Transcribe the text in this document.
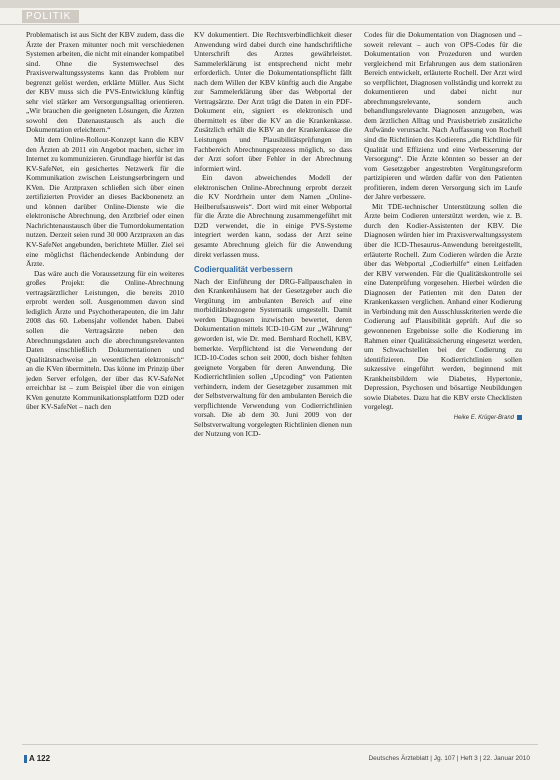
POLITIK

Problematisch ist aus Sicht der KBV zudem, dass die Ärzte der Praxen mitunter noch mit verschiedenen Systemen arbeiten, die nicht mit einander kompatibel sind. Ohne die Systemwechsel des Praxisverwaltungssystems kann das Problem nur begrenzt gelöst werden, erklärte Müller. Aus Sicht der KBV muss sich die PVS-Entwicklung künftig sehr viel stärker am Versorgungsalltag orientieren. „Wir brauchen die geeigneten Lösungen, die Ärzten sowohl den Datenaustausch als auch die Dokumentation erleichtern.“

Mit dem Online-Rollout-Konzept kann die KBV den Ärzten ab 2011 ein Angebot machen, sicher im Internet zu kommunizieren. Grundlage hierfür ist das KV-SafeNet, ein gesichertes Netzwerk für die Kommunikation zwischen Leistungserbringern und KVen. Die Arztpraxen schließen sich über einen zertifizierten Provider an dieses Backbonenetz an und können darüber Online-Dienste wie die elektronische Abrechnung, den Arztbrief oder einen Nachrichtenaustausch über die Tumordokumentation nutzen. Derzeit seien rund 30 000 Arztpraxen an das KV-SafeNet angebunden, berichtete Müller. Ziel sei eine möglichst flächendeckende Anbindung der Ärzte.

Das wäre auch die Voraussetzung für ein weiteres großes Projekt: die Online-Abrechnung vertragsärztlicher Leistungen, die bereits 2010 erprobt werden soll. Ausgenommen davon sind lediglich Ärzte und Psychotherapeuten, die im Jahr 2008 das 60. Lebensjahr vollendet haben. Dabei sollen die Vertragsärzte neben den Abrechnungsdaten auch die abrechnungsrelevanten Daten einschließlich Dokumentationen und Qualitätsnachweise „in wesentlichen elektronisch“ an die KVen übermitteln. Das könne im Prinzip über jeden Server erfolgen, der über das KV-SafeNet erreichbar ist – zum Beispiel über die von einigen KVen genutzte Kommunikationsplattform D2D oder über KV-SafeNet – nach den

KV dokumentiert. Die Rechtsverbindlichkeit dieser Anwendung wird dabei durch eine handschriftliche Unterschrift des Arztes gewährleistet. Sammelerklärung ist entsprechend nicht mehr erforderlich. Unter die Dokumentationspflicht fällt nach dem Willen der KBV künftig auch die Angabe zur Sammelerklärung über das Webportal der Vertragsärzte. Der Arzt trägt die Daten in ein PDF-Dokument ein, signiert es elektronisch und übermittelt es über die KV an die Krankenkasse. Zusätzlich erhält die KBV an der Krankenkasse die Leistungen und Plausibilitätsprüfungen im Fachbereich Abrechnungsprozess möglich, so dass der Arzt sofort über Fehler in der Abrechnung informiert wird.

Ein davon abweichendes Modell der elektronischen Online-Abrechnung erprobt derzeit die KV Nordrhein unter dem Namen „Online-Heilberufsausweis“. Dort wird mit einer Webportal für die Ärzte die Abrechnung zusammengeführt mit D2D verwendet, die in einige PVS-Systeme integriert werden kann, sodass der Arzt seine gesamte Abrechnung gleich für die Anwendung direkt verlassen muss.

Codierqualität verbessern

Nach der Einführung der DRG-Fallpauschalen in den Krankenhäusern hat der Gesetzgeber auch die Vergütung im ambulanten Bereich auf eine morbiditätsbezogene Systematik umgestellt. Damit werden Diagnosen inzwischen bewertet, deren Dokumentation mittels ICD-10-GM zur „Währung“ geworden ist, wie Dr. med. Bernhard Rochell, KBV, bemerkte. Verpflichtend ist die Verwendung der ICD-10-Codes schon seit 2000, doch bisher fehlten geeignete Vorgaben für deren Anwendung. Die Kodierrichtlinien sollen „Upcoding“ von Patienten verhindern, indem der Gesetzgeber zusammen mit der Selbstverwaltung für den ambulanten Bereich die verpflichtende Verwendung von Codierrichtlinien vorsah. Die ab dem 30. Juni 2009 von der Selbstverwaltung vorgelegten Richtlinien dienen nun der Nutzung von ICD-

Codes für die Dokumentation von Diagnosen und – soweit relevant – auch von OPS-Codes für die Dokumentation von Prozeduren und wurden vergleichend mit Erfahrungen aus dem stationären Bereich entwickelt, erläuterte Rochell. Der Arzt wird so verpflichtet, Diagnosen vollständig und korrekt zu dokumentieren und dabei nicht nur abrechnungsrelevante, sondern auch behandlungsrelevante Diagnosen anzugeben, was dem ärztlichen Alltag und Praxisbetrieb zusätzliche Aufwände verursacht. Nach Auffassung von Rochell sind die Richtlinien des Kodierens „die Richtlinie für Qualität und Effizienz und eine Verbesserung der Versorgung“. Die Ärzte könnten so besser an der vom Gesetzgeber angestrebten Vergütungsreform partizipieren und würden dafür von den Patienten profitieren, indem deren Versorgung sich im Laufe der Jahre verbessere.

Mit TDE-technischer Unterstützung sollen die Ärzte beim Codieren unterstützt werden, wie z. B. durch den Kodier-Assistenten der KBV. Die Diagnosen würden hier im Praxisverwaltungssystem über die ICD-Thesaurus-Anwendung bereitgestellt, erläuterte Rochell. Zum Codieren würden die Ärzte über das Webportal „Codierhilfe“ einen Leitfaden der KBV verwenden. Für die Qualitätskontrolle sei eine Datenprüfung vorgesehen. Hierbei würden die Diagnosen der Patienten mit den Daten der Krankenkassen verglichen. Anhand einer Kodierung in Verbindung mit den Ausschlusskriterien werde die Codierung auf Plausibilität geprüft. Auf die so gewonnenen Ergebnisse solle die Kodierung im Rahmen einer Qualitätssicherung eingesetzt werden, um Schwachstellen bei der Codierung zu identifizieren. Die Kodierrichtlinien sollen sukzessive eingeführt werden, beginnend mit Krankheitsbildern wie Diabetes, Hypertonie, Depression, Psychosen und bösartige Neubildungen sowie Diabetes. Dazu hat die KBV erste Checklisten vorgelegt.

Heike E. Krüger-Brand
A 122	Deutsches Ärzteblatt | Jg. 107 | Heft 3 | 22. Januar 2010
